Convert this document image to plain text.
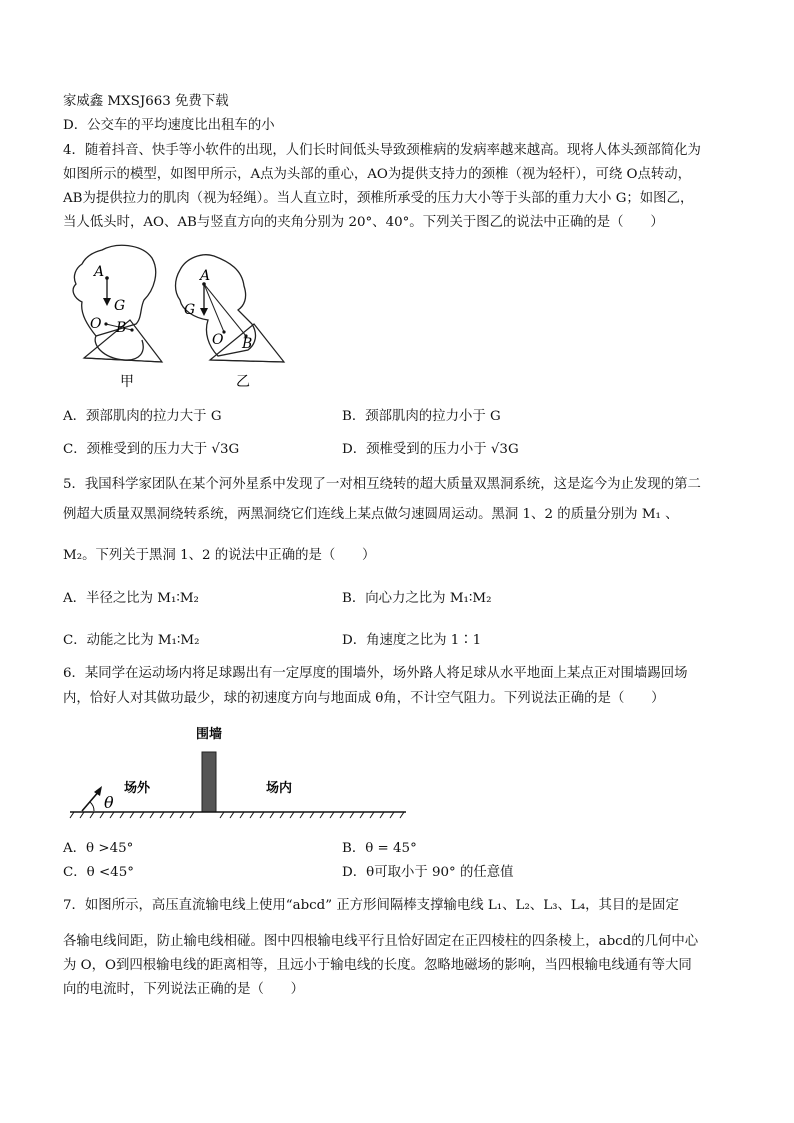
家威鑫 MXSJ663 免费下载
D．公交车的平均速度比出租车的小
4．随着抖音、快手等小软件的出现，人们长时间低头导致颈椎病的发病率越来越高。现将人体头颈部简化为
如图所示的模型，如图甲所示，A点为头部的重心，AO为提供支持力的颈椎（视为轻杆），可绕 O点转动，
AB为提供拉力的肌肉（视为轻绳）。当人直立时，颈椎所承受的压力大小等于头部的重力大小 G；如图乙，
当人低头时，AO、AB与竖直方向的夹角分别为 20°、40°。下列关于图乙的说法中正确的是（　　）
A
G
O B
甲
A
G
O B
乙
A．颈部肌肉的拉力大于 G	B．颈部肌肉的拉力小于 G
C．颈椎受到的压力大于 √3G	D．颈椎受到的压力小于 √3G
5．我国科学家团队在某个河外星系中发现了一对相互绕转的超大质量双黑洞系统，这是迄今为止发现的第二
例超大质量双黑洞绕转系统，两黑洞绕它们连线上某点做匀速圆周运动。黑洞 1、2 的质量分别为 M₁ 、
M₂。下列关于黑洞 1、2 的说法中正确的是（　　）
A．半径之比为 M₁∶M₂	B．向心力之比为 M₁∶M₂
C．动能之比为 M₁∶M₂	D．角速度之比为 1∶1
6．某同学在运动场内将足球踢出有一定厚度的围墙外，场外路人将足球从水平地面上某点正对围墙踢回场
内，恰好人对其做功最少，球的初速度方向与地面成 θ角，不计空气阻力。下列说法正确的是（　　）
围墙
θ
场外	场内
A．θ >45°	B．θ = 45°
C．θ <45°	D．θ可取小于 90° 的任意值
7．如图所示，高压直流输电线上使用“abcd” 正方形间隔棒支撑输电线 L₁、L₂、L₃、L₄，其目的是固定
各输电线间距，防止输电线相碰。图中四根输电线平行且恰好固定在正四棱柱的四条棱上，abcd的几何中心
为 O，O到四根输电线的距离相等，且远小于输电线的长度。忽略地磁场的影响，当四根输电线通有等大同
向的电流时，下列说法正确的是（　　）
